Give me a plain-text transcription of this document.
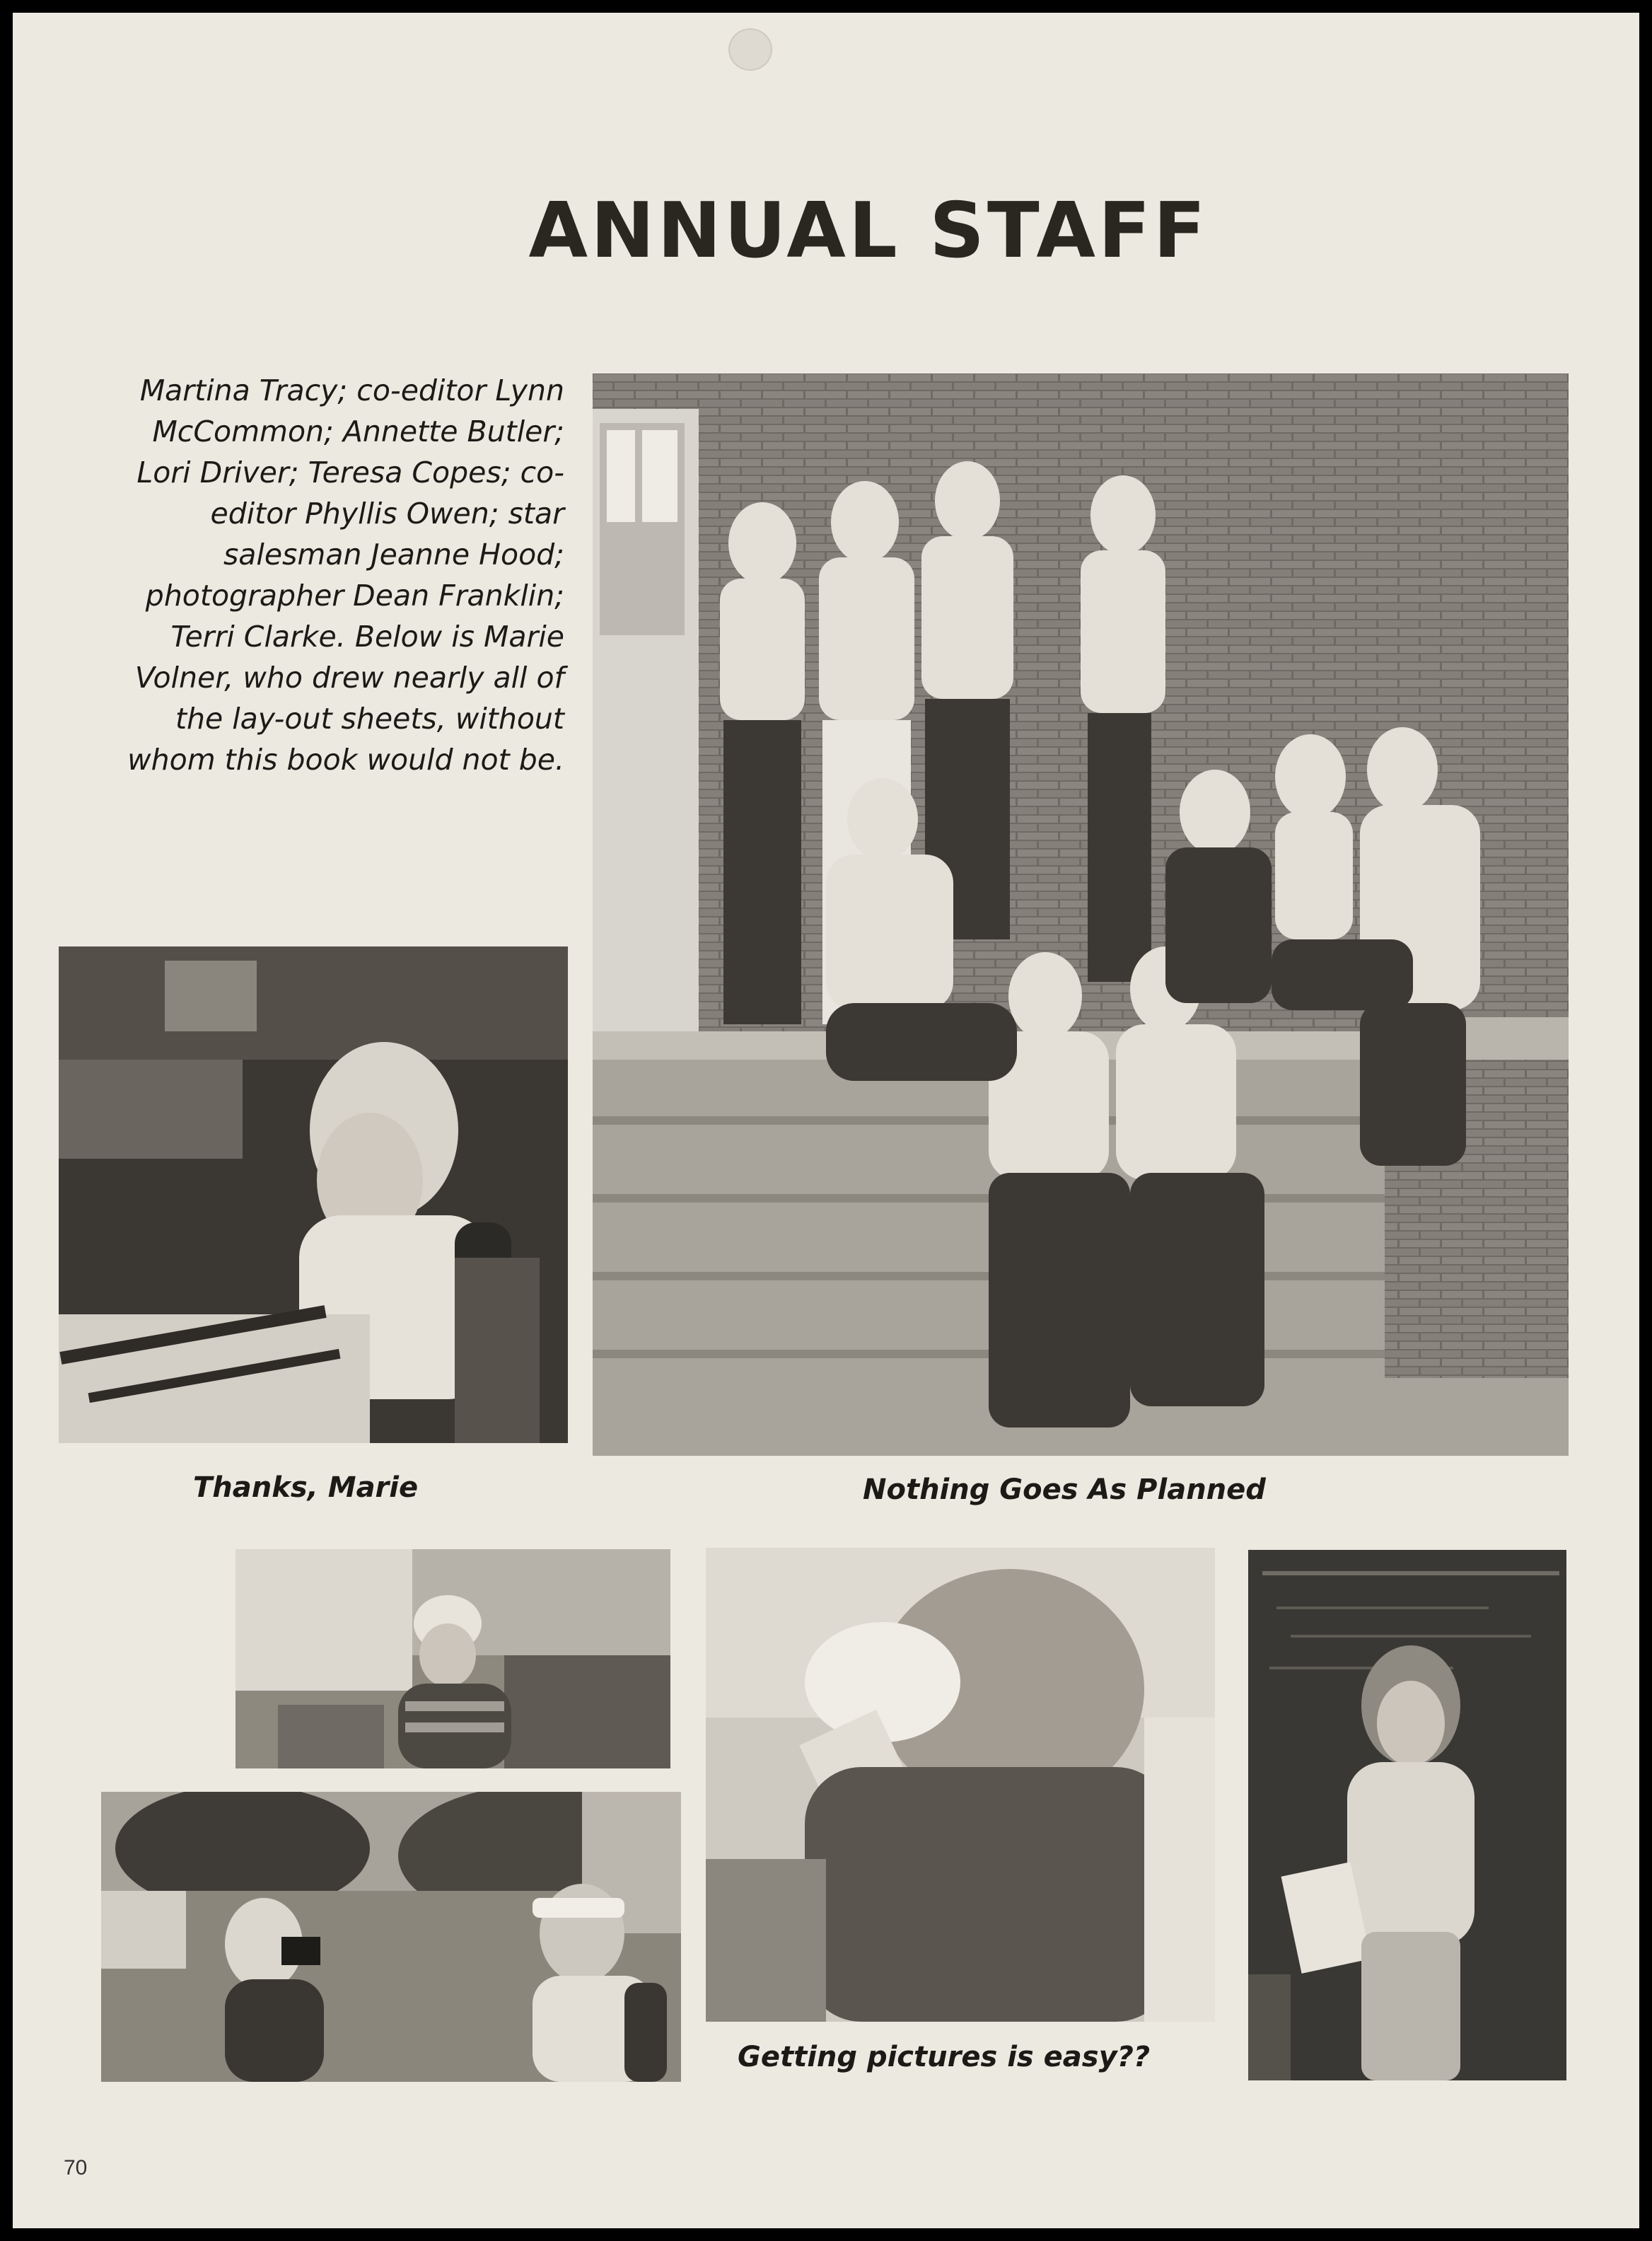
ANNUAL STAFF
Martina Tracy; co-editor Lynn McCommon; Annette Butler; Lori Driver; Teresa Copes; co-editor Phyllis Owen; star salesman Jeanne Hood; photographer Dean Franklin; Terri Clarke. Below is Marie Volner, who drew nearly all of the lay-out sheets, without whom this book would not be.
Thanks, Marie	Nothing Goes As Planned
Getting pictures is easy??
70
